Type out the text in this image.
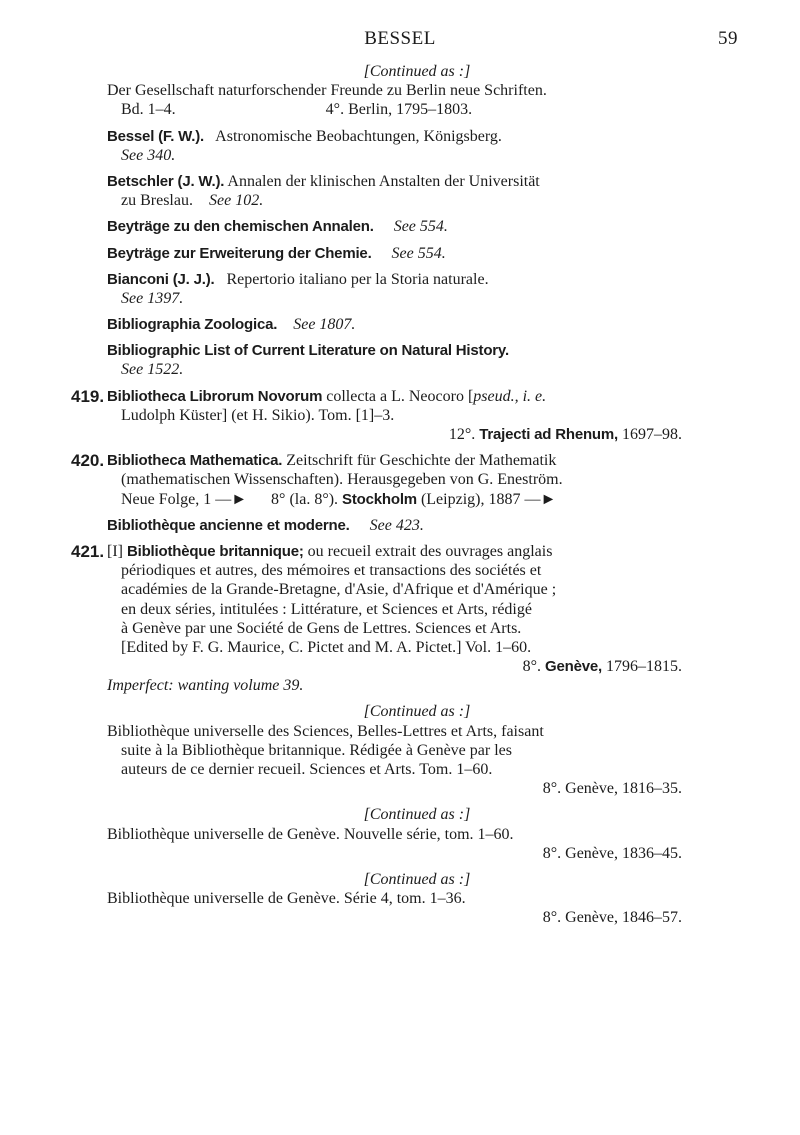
BESSEL	59
[Continued as :]
Der Gesellschaft naturforschender Freunde zu Berlin neue Schriften.
Bd. 1–4.	4°. Berlin, 1795–1803.
Bessel (F. W.). Astronomische Beobachtungen, Königsberg.
See 340.
Betschler (J. W.). Annalen der klinischen Anstalten der Universität
zu Breslau. See 102.
Beyträge zu den chemischen Annalen. See 554.
Beyträge zur Erweiterung der Chemie. See 554.
Bianconi (J. J.). Repertorio italiano per la Storia naturale.
See 1397.
Bibliographia Zoologica. See 1807.
Bibliographic List of Current Literature on Natural History.
See 1522.
419. Bibliotheca Librorum Novorum collecta a L. Neocoro [pseud., i. e.
Ludolph Küster] (et H. Sikio). Tom. [1]–3.
12°. Trajecti ad Rhenum, 1697–98.
420. Bibliotheca Mathematica. Zeitschrift für Geschichte der Mathematik
(mathematischen Wissenschaften). Herausgegeben von G. Eneström.
Neue Folge, 1 —► 8° (la. 8°). Stockholm (Leipzig), 1887 —►
Bibliothèque ancienne et moderne. See 423.
421. [I] Bibliothèque britannique; ou recueil extrait des ouvrages anglais
périodiques et autres, des mémoires et transactions des sociétés et
académies de la Grande-Bretagne, d'Asie, d'Afrique et d'Amérique ;
en deux séries, intitulées : Littérature, et Sciences et Arts, rédigé
à Genève par une Société de Gens de Lettres. Sciences et Arts.
[Edited by F. G. Maurice, C. Pictet and M. A. Pictet.] Vol. 1–60.
8°. Genève, 1796–1815.
Imperfect: wanting volume 39.
[Continued as :]
Bibliothèque universelle des Sciences, Belles-Lettres et Arts, faisant
suite à la Bibliothèque britannique. Rédigée à Genève par les
auteurs de ce dernier recueil. Sciences et Arts. Tom. 1–60.
8°. Genève, 1816–35.
[Continued as :]
Bibliothèque universelle de Genève. Nouvelle série, tom. 1–60.
8°. Genève, 1836–45.
[Continued as :]
Bibliothèque universelle de Genève. Série 4, tom. 1–36.
8°. Genève, 1846–57.
